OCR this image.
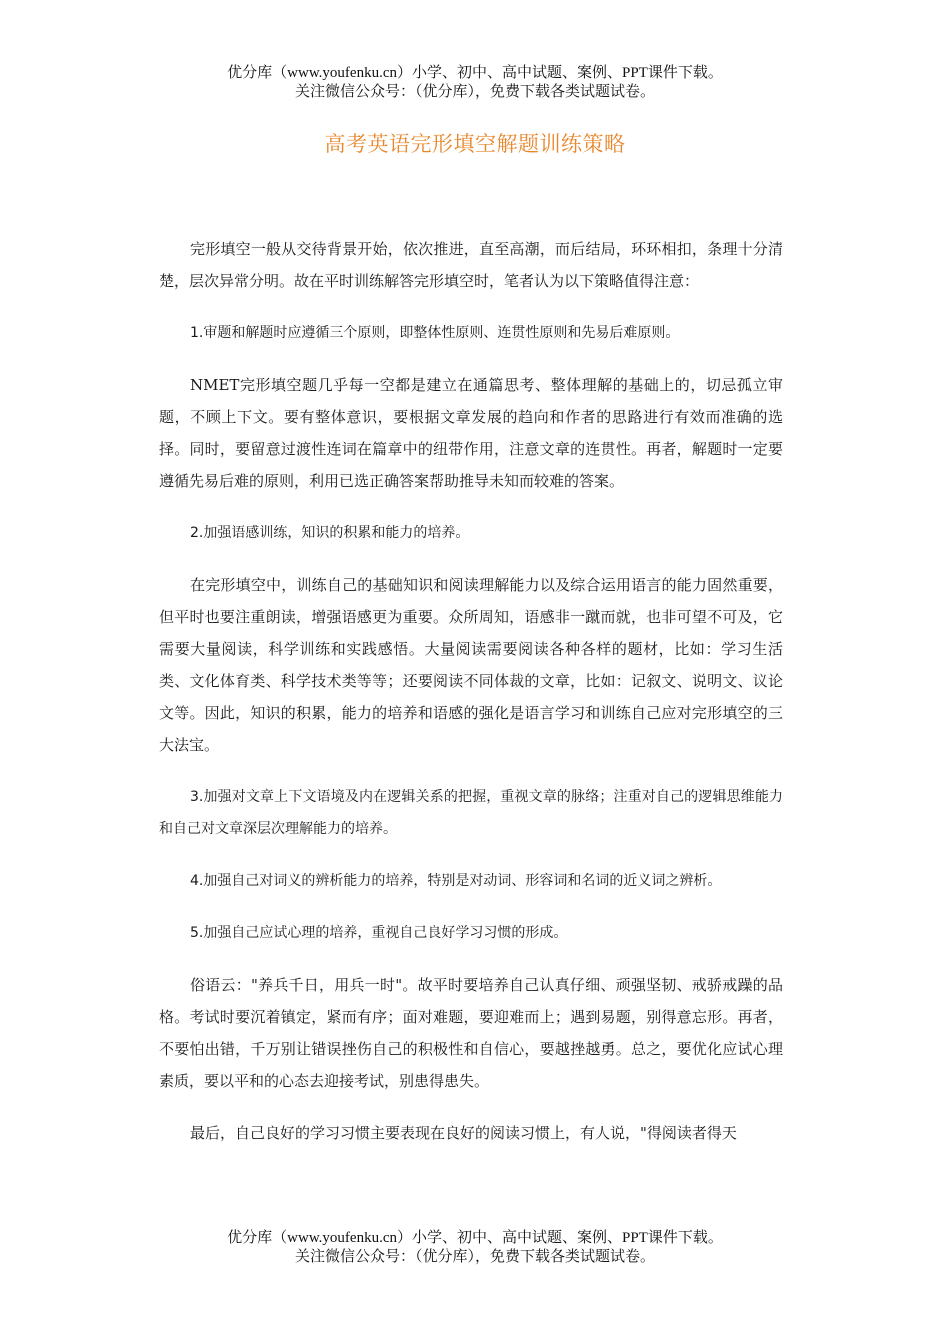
优分库（www.youfenku.cn）小学、初中、高中试题、案例、PPT课件下载。
关注微信公众号：（优分库），免费下载各类试题试卷。
高考英语完形填空解题训练策略

完形填空一般从交待背景开始，依次推进，直至高潮，而后结局，环环相扣，条理十分清楚，层次异常分明。故在平时训练解答完形填空时，笔者认为以下策略值得注意：

1.审题和解题时应遵循三个原则，即整体性原则、连贯性原则和先易后难原则。

NMET完形填空题几乎每一空都是建立在通篇思考、整体理解的基础上的，切忌孤立审题，不顾上下文。要有整体意识，要根据文章发展的趋向和作者的思路进行有效而准确的选择。同时，要留意过渡性连词在篇章中的纽带作用，注意文章的连贯性。再者，解题时一定要遵循先易后难的原则，利用已选正确答案帮助推导未知而较难的答案。

2.加强语感训练，知识的积累和能力的培养。

在完形填空中，训练自己的基础知识和阅读理解能力以及综合运用语言的能力固然重要，但平时也要注重朗读，增强语感更为重要。众所周知，语感非一蹴而就，也非可望不可及，它需要大量阅读，科学训练和实践感悟。大量阅读需要阅读各种各样的题材，比如：学习生活类、文化体育类、科学技术类等等；还要阅读不同体裁的文章，比如：记叙文、说明文、议论文等。因此，知识的积累，能力的培养和语感的强化是语言学习和训练自己应对完形填空的三大法宝。

3.加强对文章上下文语境及内在逻辑关系的把握，重视文章的脉络；注重对自己的逻辑思维能力和自己对文章深层次理解能力的培养。

4.加强自己对词义的辨析能力的培养，特别是对动词、形容词和名词的近义词之辨析。

5.加强自己应试心理的培养，重视自己良好学习习惯的形成。

俗语云："养兵千日，用兵一时"。故平时要培养自己认真仔细、顽强坚韧、戒骄戒躁的品格。考试时要沉着镇定，紧而有序；面对难题，要迎难而上；遇到易题，别得意忘形。再者，不要怕出错，千万别让错误挫伤自己的积极性和自信心，要越挫越勇。总之，要优化应试心理素质，要以平和的心态去迎接考试，别患得患失。

最后，自己良好的学习习惯主要表现在良好的阅读习惯上，有人说，"得阅读者得天

优分库（www.youfenku.cn）小学、初中、高中试题、案例、PPT课件下载。
关注微信公众号：（优分库），免费下载各类试题试卷。
